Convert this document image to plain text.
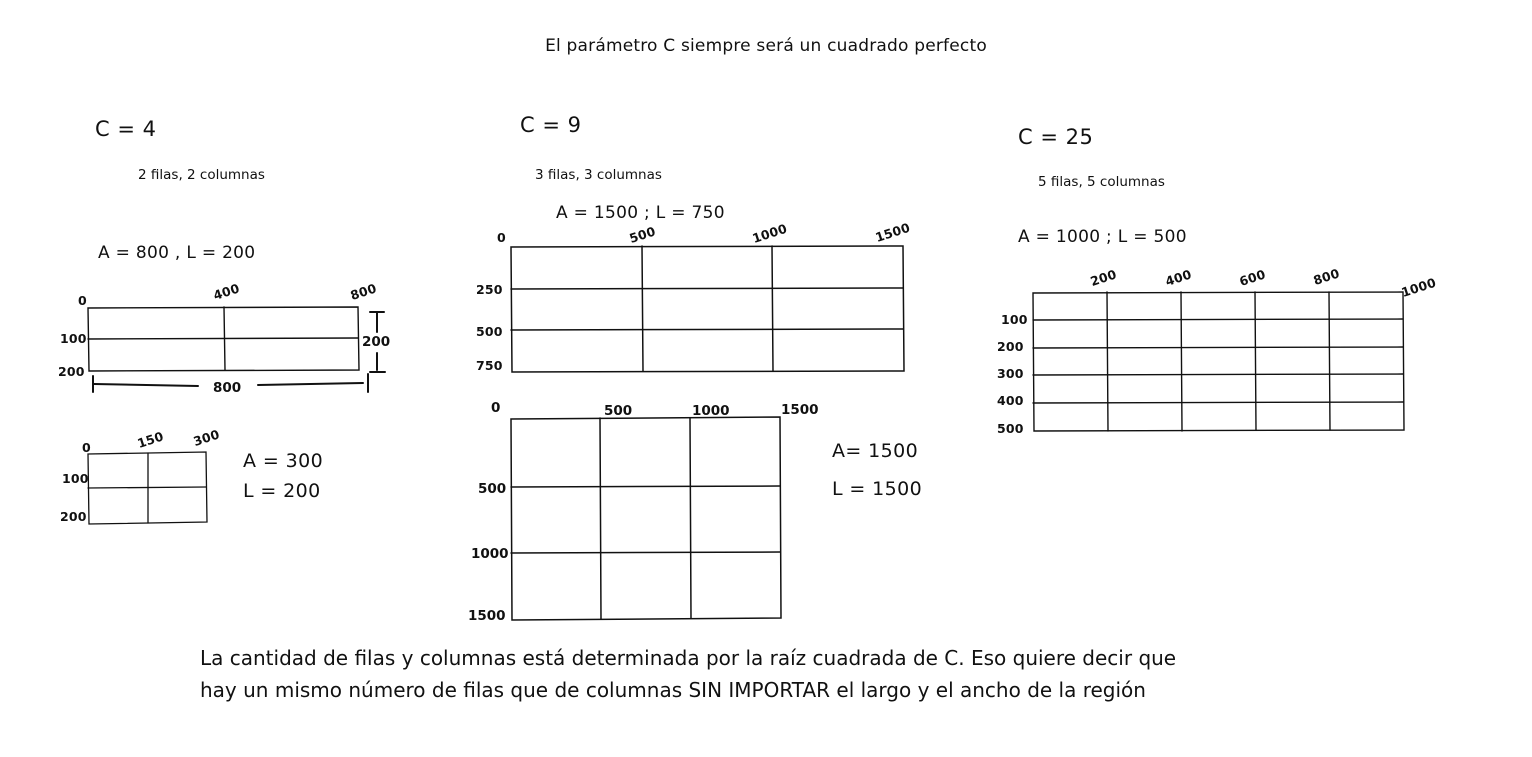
El parámetro C siempre será un cuadrado perfecto
C = 4
2 filas, 2 columnas
A = 800 , L = 200
0	400	800
100
200
800
200
0	150 300
100
200
A = 300
L = 200
C = 9
3 filas, 3 columnas
A = 1500 ; L = 750
0	500	1000	1500
250
500
750
0	500	1000	1500
500
1000
1500
A= 1500
L = 1500
C = 25
5 filas, 5 columnas
A = 1000 ; L = 500
200	400	600	800	1000
100
200
300
400
500
La cantidad de filas y columnas está determinada por la raíz cuadrada de C. Eso quiere decir que
hay un mismo número de filas que de columnas SIN IMPORTAR el largo y el ancho de la región
